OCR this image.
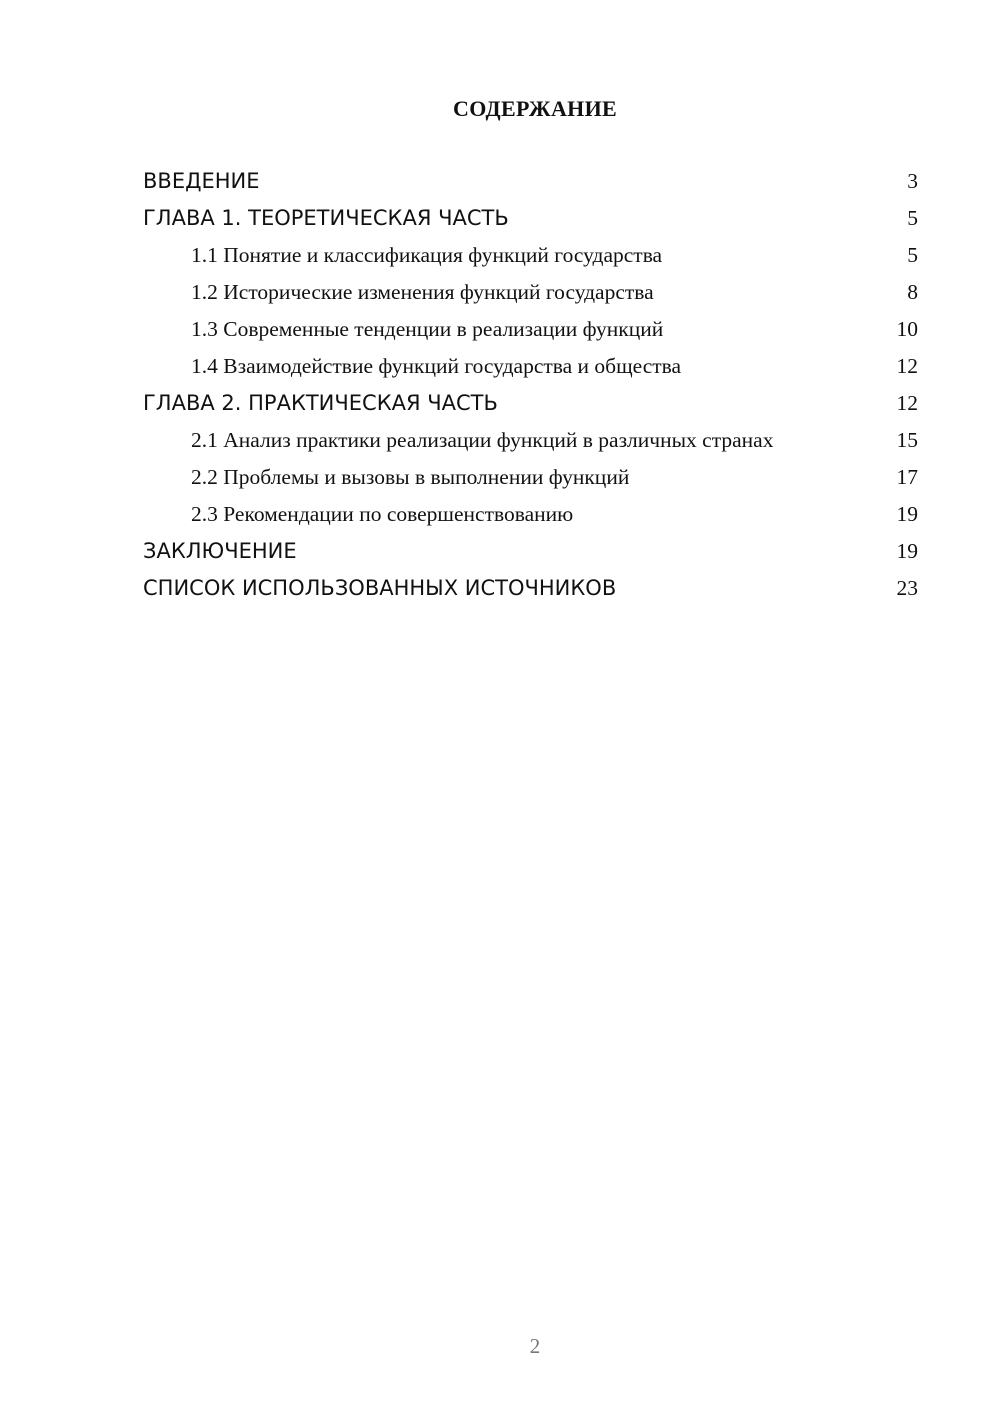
СОДЕРЖАНИЕ
ВВЕДЕНИЕ	3
ГЛАВА 1. ТЕОРЕТИЧЕСКАЯ ЧАСТЬ	5
1.1 Понятие и классификация функций государства	5
1.2 Исторические изменения функций государства	8
1.3 Современные тенденции в реализации функций	10
1.4 Взаимодействие функций государства и общества	12
ГЛАВА 2. ПРАКТИЧЕСКАЯ ЧАСТЬ	12
2.1 Анализ практики реализации функций в различных странах	15
2.2 Проблемы и вызовы в выполнении функций	17
2.3 Рекомендации по совершенствованию	19
ЗАКЛЮЧЕНИЕ	19
СПИСОК ИСПОЛЬЗОВАННЫХ ИСТОЧНИКОВ	23
2
